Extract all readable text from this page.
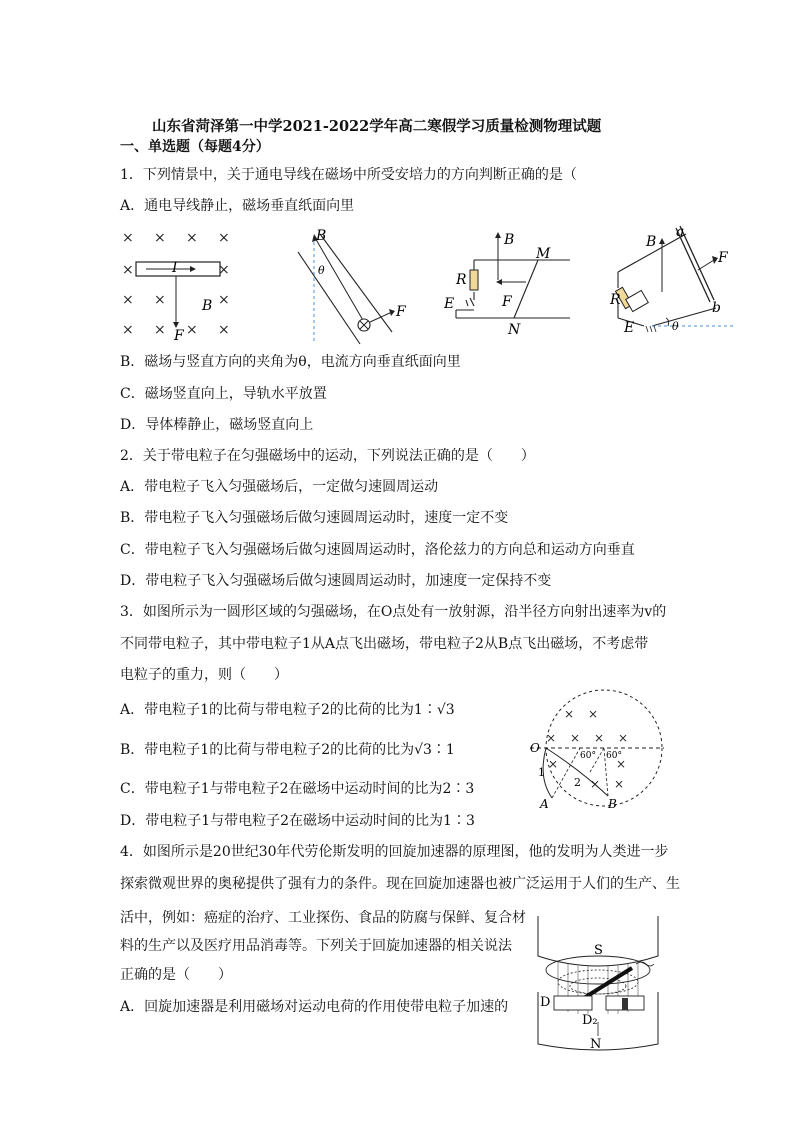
山东省菏泽第一中学2021-2022学年高二寒假学习质量检测物理试题
一、单选题（每题4分）
1．下列情景中，关于通电导线在磁场中所受安培力的方向判断正确的是（
A．通电导线静止，磁场垂直纸面向里
× × × ×
×	×
×	×
× × × ×
×
I
B
F
B
θ
F
B
M
R
E	F
N
B
a
F
R	b
E	θ
B．磁场与竖直方向的夹角为θ，电流方向垂直纸面向里
C．磁场竖直向上，导轨水平放置
D．导体棒静止，磁场竖直向上
2．关于带电粒子在匀强磁场中的运动，下列说法正确的是（　　）
A．带电粒子飞入匀强磁场后，一定做匀速圆周运动
B．带电粒子飞入匀强磁场后做匀速圆周运动时，速度一定不变
C．带电粒子飞入匀强磁场后做匀速圆周运动时，洛伦兹力的方向总和运动方向垂直
D．带电粒子飞入匀强磁场后做匀速圆周运动时，加速度一定保持不变
3．如图所示为一圆形区域的匀强磁场，在O点处有一放射源，沿半径方向射出速率为v的
不同带电粒子，其中带电粒子1从A点飞出磁场，带电粒子2从B点飞出磁场，不考虑带
电粒子的重力，则（　　）
A．带电粒子1的比荷与带电粒子2的比荷的比为1∶√3
B．带电粒子1的比荷与带电粒子2的比荷的比为√3∶1
C．带电粒子1与带电粒子2在磁场中运动时间的比为2∶3
D．带电粒子1与带电粒子2在磁场中运动时间的比为1∶3
× ×
× × × ×
×	×
× ×
O
60° 60°
1
2
A	B
4．如图所示是20世纪30年代劳伦斯发明的回旋加速器的原理图，他的发明为人类进一步
探索微观世界的奥秘提供了强有力的条件。现在回旋加速器也被广泛运用于人们的生产、生
活中，例如：癌症的治疗、工业探伤、食品的防腐与保鲜、复合材
料的生产以及医疗用品消毒等。下列关于回旋加速器的相关说法
正确的是（　　）
A．回旋加速器是利用磁场对运动电荷的作用使带电粒子加速的
S
D
D₂
N
